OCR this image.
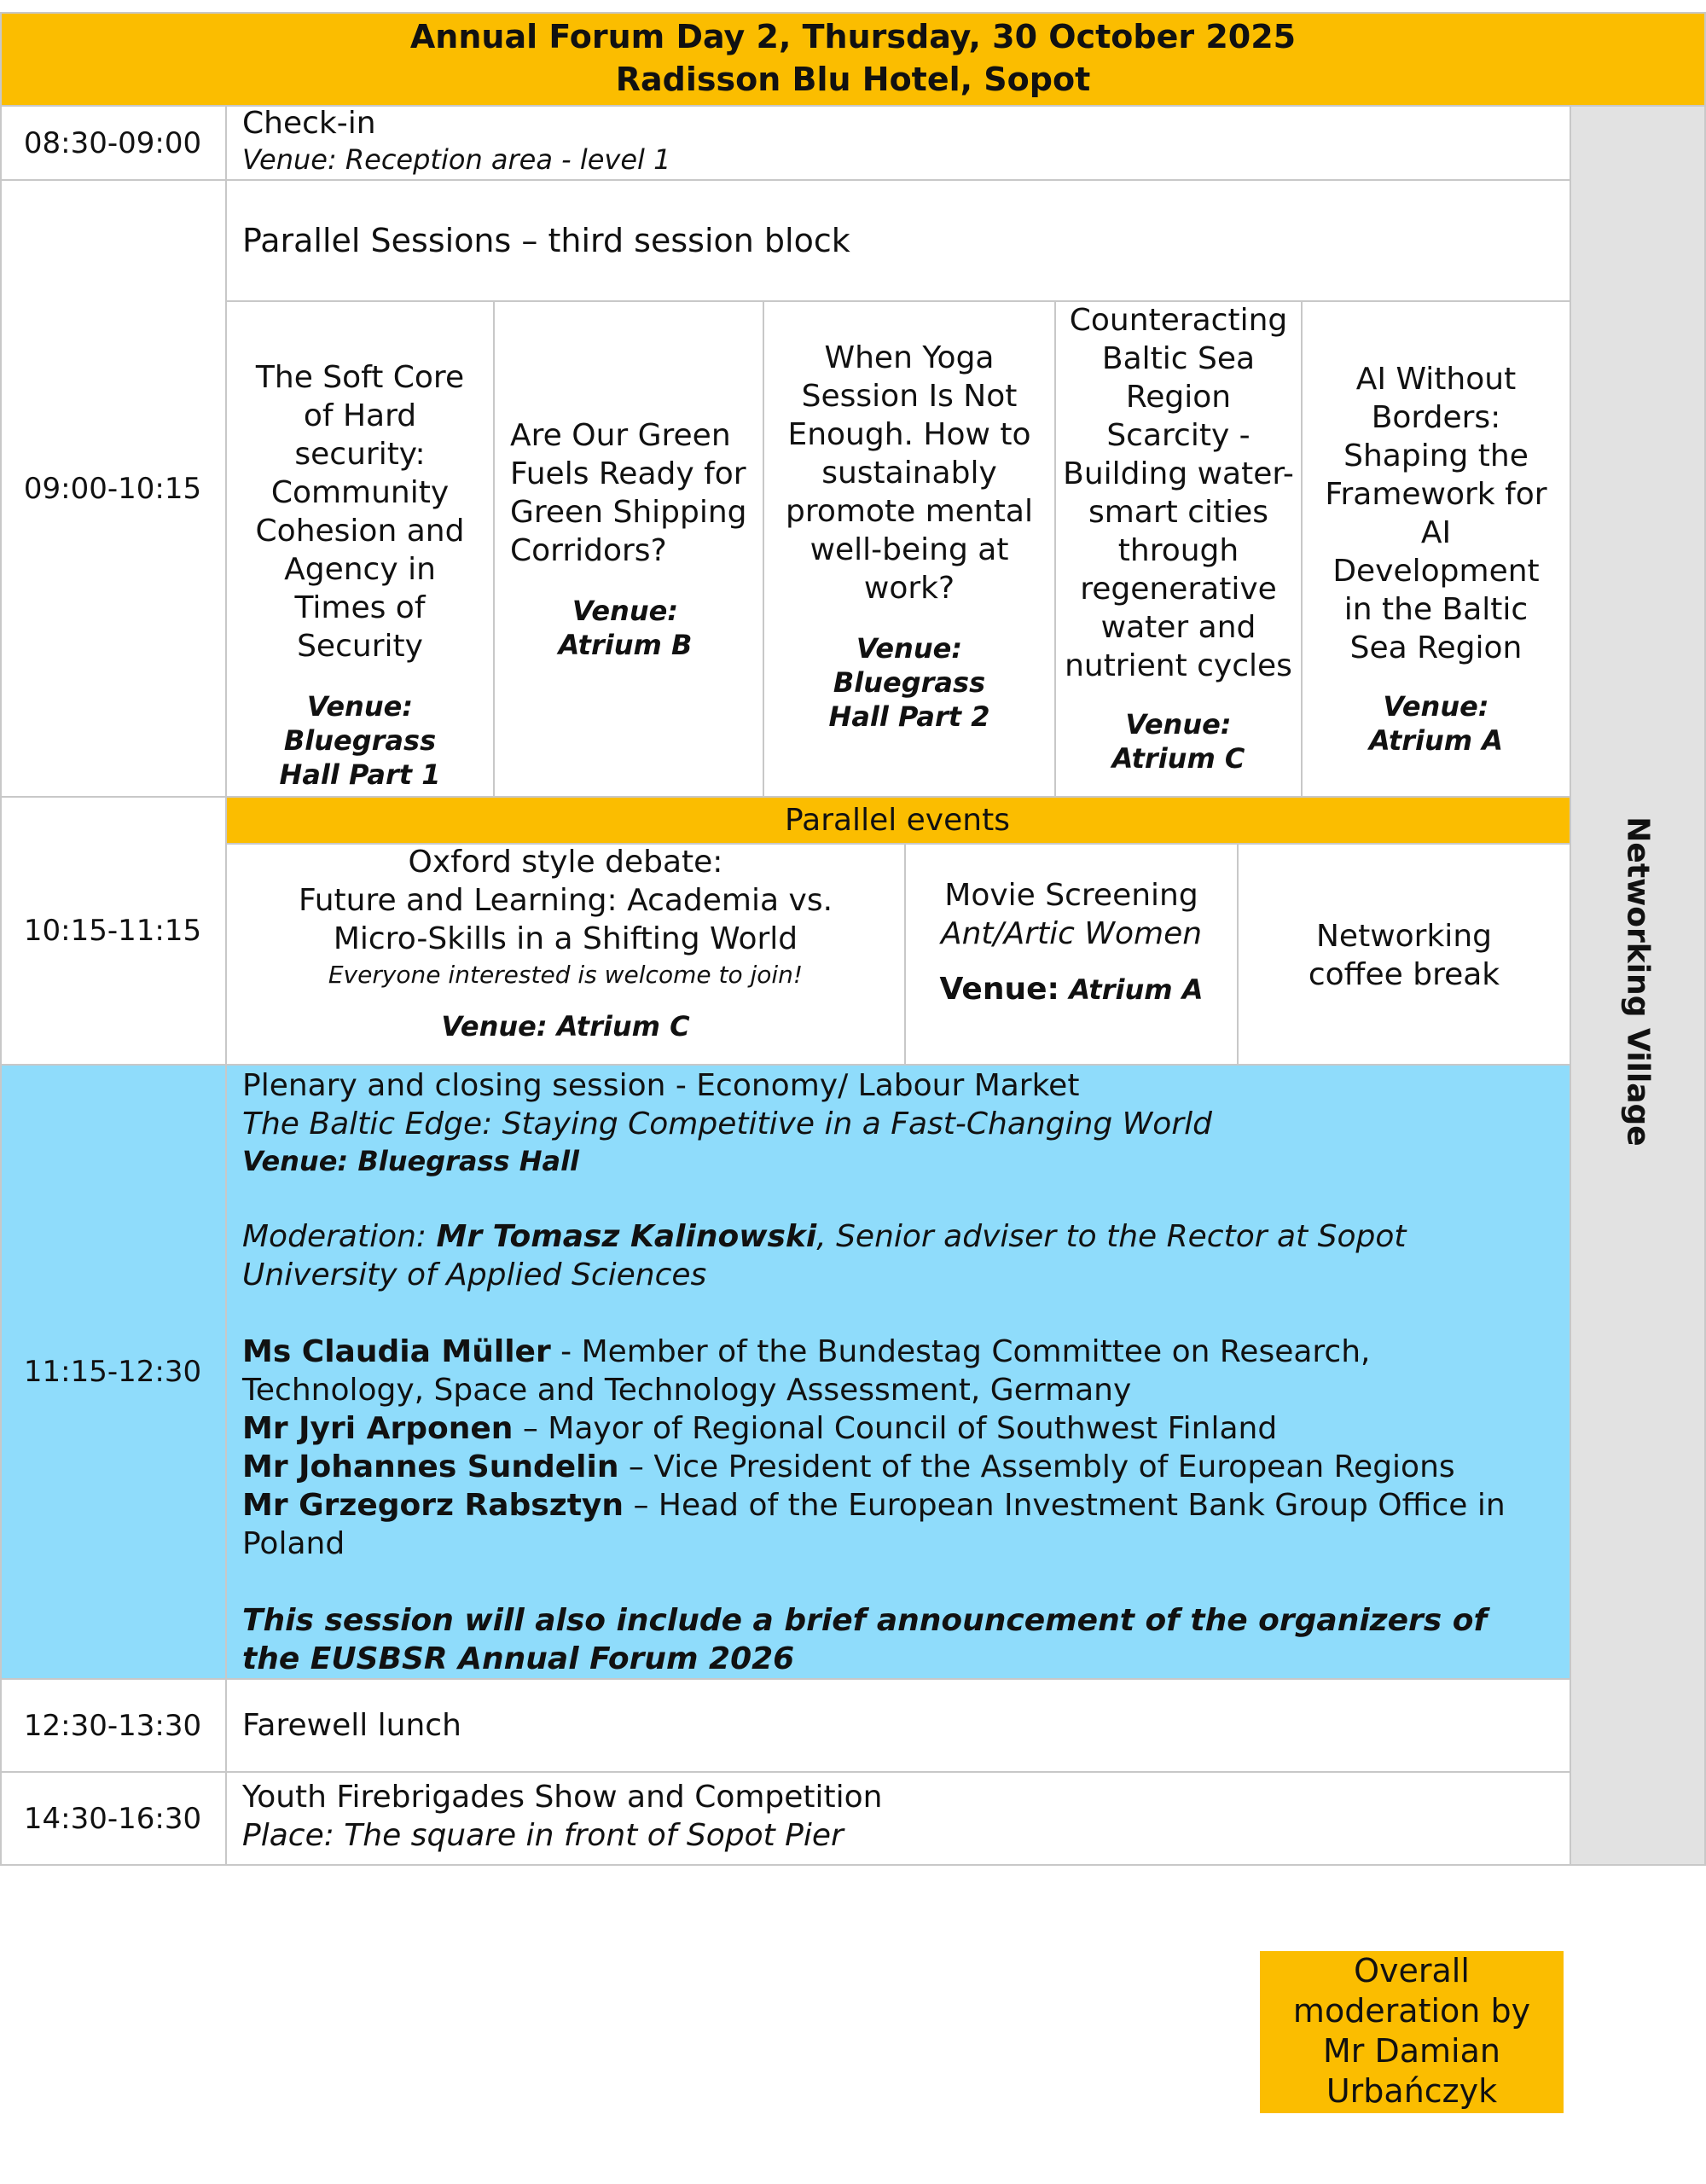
Annual Forum Day 2, Thursday, 30 October 2025
Radisson Blu Hotel, Sopot
08:30-09:00

Check-in

Venue: Reception area - level 1

09:00-10:15
Parallel Sessions – third session block

The Soft Core of Hard security: Community Cohesion and Agency in Times of Security

Venue:

Bluegrass Hall Part 1

Are Our Green Fuels Ready for Green Shipping Corridors?

Venue:

Atrium B

When Yoga Session Is Not Enough. How to sustainably promote mental well-being at work?

Venue:

Bluegrass Hall Part 2

Counteracting Baltic Sea Region Scarcity - Building water-smart cities through regenerative water and nutrient cycles

Venue:

Atrium C

AI Without Borders: Shaping the Framework for AI Development in the Baltic Sea Region

Venue:

Atrium A

10:15-11:15
Parallel events

Oxford style debate:

Future and Learning: Academia vs. Micro-Skills in a Shifting World

Everyone interested is welcome to join!

Venue: Atrium C

Movie Screening

Ant/Artic Women

Venue: Atrium A

Networking coffee break

11:15-12:30

Plenary and closing session - Economy/ Labour Market

The Baltic Edge: Staying Competitive in a Fast-Changing World

Venue: Bluegrass Hall

Moderation: Mr Tomasz Kalinowski, Senior adviser to the Rector at Sopot University of Applied Sciences

Ms Claudia Müller - Member of the Bundestag Committee on Research, Technology, Space and Technology Assessment, Germany

Mr Jyri Arponen – Mayor of Regional Council of Southwest Finland

Mr Johannes Sundelin – Vice President of the Assembly of European Regions

Mr Grzegorz Rabsztyn – Head of the European Investment Bank Group Office in Poland

This session will also include a brief announcement of the organizers of the EUSBSR Annual Forum 2026

12:30-13:30	Farewell lunch
14:30-16:30

Youth Firebrigades Show and Competition

Place: The square in front of Sopot Pier

Networking Village

Overall moderation by Mr Damian Urbańczyk
